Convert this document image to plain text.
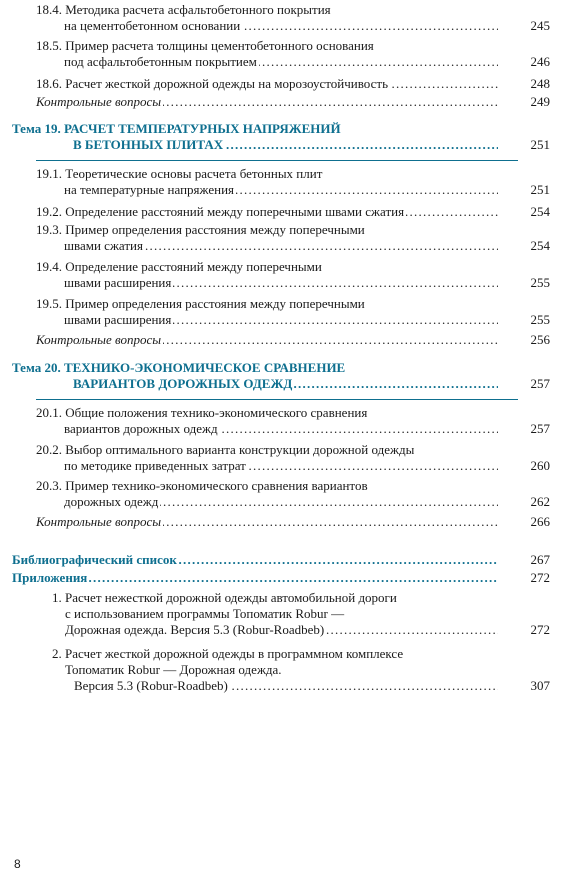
18.4. Методика расчета асфальтобетонного покрытия
. . .
на цементобетонном основании	245
18.5. Пример расчета толщины цементобетонного основания
. . .
под асфальтобетонным покрытием	246
. . .
18.6. Расчет жесткой дорожной одежды на морозоустойчивость	248
. . .
Контрольные вопросы	249
Тема 19. РАСЧЕТ ТЕМПЕРАТУРНЫХ НАПРЯЖЕНИЙ
. . .
В БЕТОННЫХ ПЛИТАХ	251
19.1. Теоретические основы расчета бетонных плит
. . .
на температурные напряжения	251
. . .
19.2. Определение расстояний между поперечными швами сжатия	254
19.3. Пример определения расстояния между поперечными
. . .
швами сжатия	254
19.4. Определение расстояний между поперечными
. . .
швами расширения	255
19.5. Пример определения расстояния между поперечными
. . .
швами расширения	255
. . .
Контрольные вопросы	256
Тема 20. ТЕХНИКО-ЭКОНОМИЧЕСКОЕ СРАВНЕНИЕ
. . .
ВАРИАНТОВ ДОРОЖНЫХ ОДЕЖД	257
20.1. Общие положения технико-экономического сравнения
. . .
вариантов дорожных одежд	257
20.2. Выбор оптимального варианта конструкции дорожной одежды
. . .
по методике приведенных затрат	260
20.3. Пример технико-экономического сравнения вариантов
. . .
дорожных одежд	262
. . .
Контрольные вопросы	266
. . .
Библиографический список	267
. . .
Приложения	272
1. Расчет нежесткой дорожной одежды автомобильной дороги
с использованием программы Топоматик Robur —
. . .
Дорожная одежда. Версия 5.3 (Robur-Roadbeb)	272
2. Расчет жесткой дорожной одежды в программном комплексе
Топоматик Robur — Дорожная одежда.
. . .
Версия 5.3 (Robur-Roadbeb)	307
8
